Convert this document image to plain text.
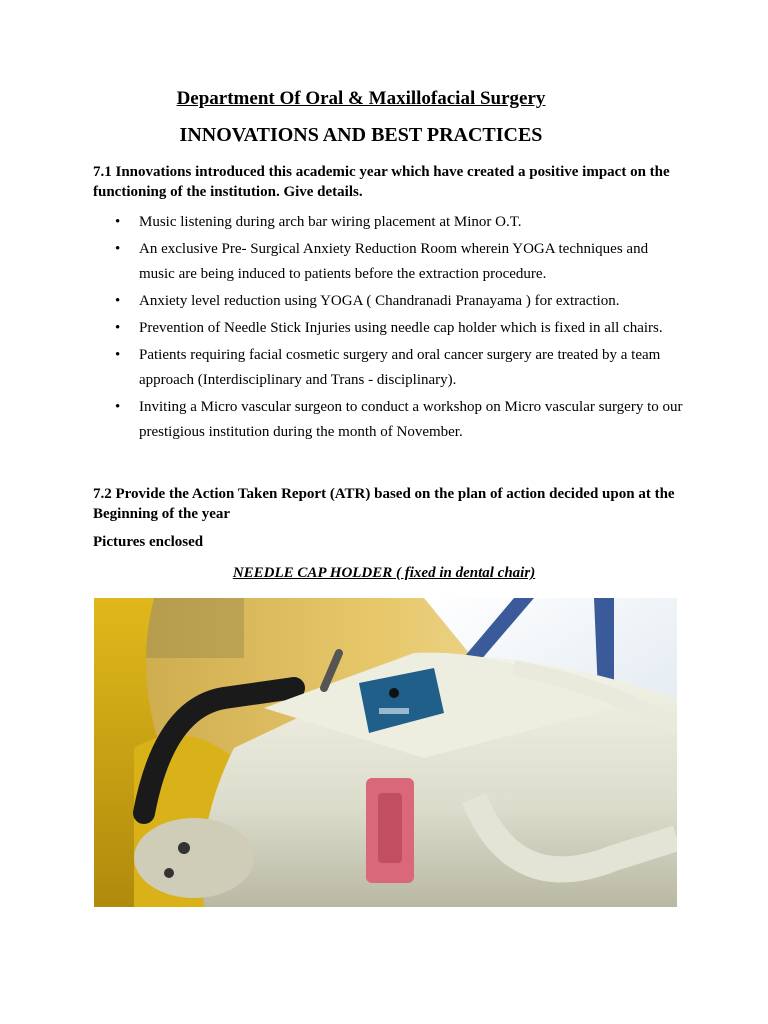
Department Of Oral & Maxillofacial Surgery
INNOVATIONS AND BEST PRACTICES
7.1 Innovations introduced this academic year which have created a positive impact on the functioning of the institution. Give details.
• Music listening during arch bar wiring placement at Minor O.T.
• An exclusive Pre- Surgical Anxiety Reduction Room wherein YOGA techniques and music are being induced to patients before the extraction procedure.
• Anxiety level reduction using YOGA ( Chandranadi Pranayama ) for extraction.
• Prevention of Needle Stick Injuries using needle cap holder which is fixed in all chairs.
• Patients requiring facial cosmetic surgery and oral cancer surgery are treated by a team approach (Interdisciplinary and Trans - disciplinary).
• Inviting a Micro vascular surgeon to conduct a workshop on Micro vascular surgery to our prestigious institution during the month of November.
7.2 Provide the Action Taken Report (ATR) based on the plan of action decided upon at the Beginning of the year
Pictures enclosed
NEEDLE CAP HOLDER ( fixed in dental chair)
